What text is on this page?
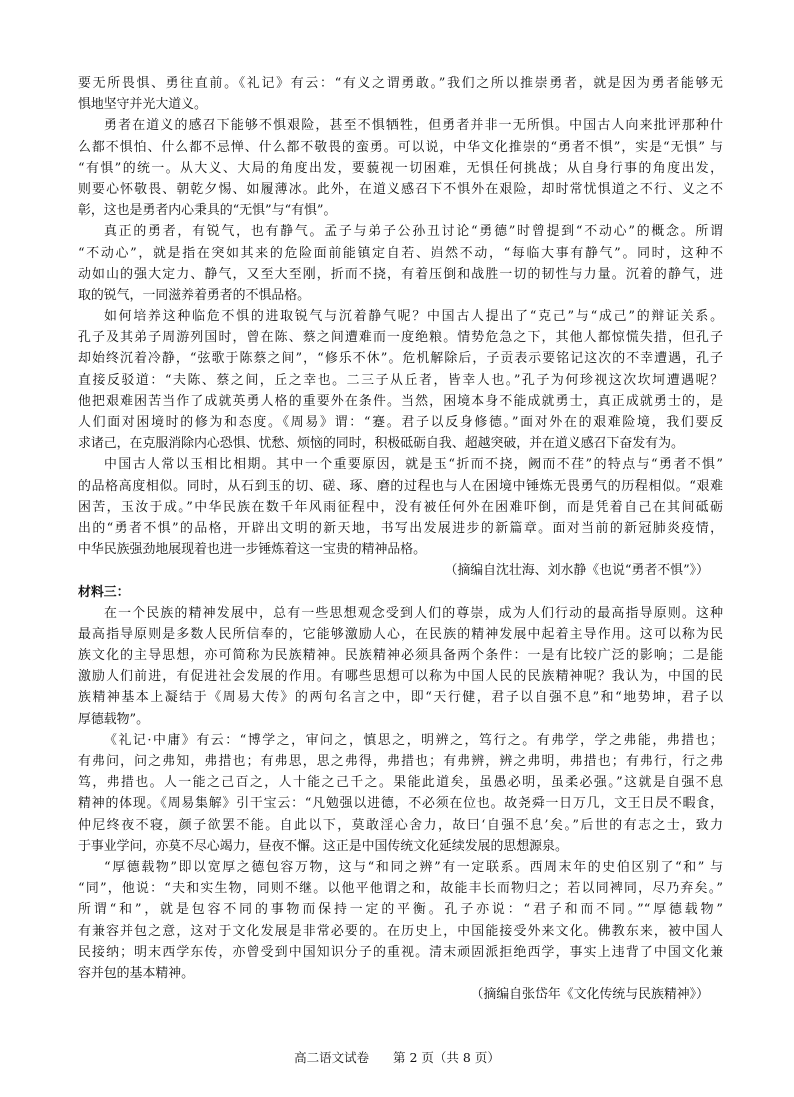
要无所畏惧、勇往直前。《礼记》有云：“有义之谓勇敢。”我们之所以推崇勇者，就是因为勇者能够无
惧地坚守并光大道义。
勇者在道义的感召下能够不惧艰险，甚至不惧牺牲，但勇者并非一无所惧。中国古人向来批评那种什
么都不惧怕、什么都不忌惮、什么都不敬畏的蛮勇。可以说，中华文化推崇的“勇者不惧”，实是“无惧” 与
“有惧”的统一。从大义、大局的角度出发，要藐视一切困难，无惧任何挑战；从自身行事的角度出发，
则要心怀敬畏、朝乾夕惕、如履薄冰。此外，在道义感召下不惧外在艰险，却时常忧惧道之不行、义之不
彰，这也是勇者内心秉具的“无惧”与“有惧”。
真正的勇者，有锐气，也有静气。孟子与弟子公孙丑讨论“勇德”时曾提到“不动心”的概念。所谓
“不动心”，就是指在突如其来的危险面前能镇定自若、岿然不动，“每临大事有静气”。同时，这种不
动如山的强大定力、静气，又至大至刚，折而不挠，有着压倒和战胜一切的韧性与力量。沉着的静气，进
取的锐气，一同滋养着勇者的不惧品格。
如何培养这种临危不惧的进取锐气与沉着静气呢？中国古人提出了“克己”与“成己”的辩证关系。
孔子及其弟子周游列国时，曾在陈、蔡之间遭难而一度绝粮。情势危急之下，其他人都惊慌失措，但孔子
却始终沉着冷静，“弦歌于陈蔡之间”，“修乐不休”。危机解除后，子贡表示要铭记这次的不幸遭遇，孔子
直接反驳道：“夫陈、蔡之间，丘之幸也。二三子从丘者，皆幸人也。”孔子为何珍视这次坎坷遭遇呢？
他把艰难困苦当作了成就英勇人格的重要外在条件。当然，困境本身不能成就勇士，真正成就勇士的，是
人们面对困境时的修为和态度。《周易》谓：“蹇。君子以反身修德。”面对外在的艰难险境，我们要反
求诸己，在克服消除内心恐惧、忧愁、烦恼的同时，积极砥砺自我、超越突破，并在道义感召下奋发有为。
中国古人常以玉相比相期。其中一个重要原因，就是玉“折而不挠，阙而不荏”的特点与“勇者不惧”
的品格高度相似。同时，从石到玉的切、磋、琢、磨的过程也与人在困境中锤炼无畏勇气的历程相似。“艰难
困苦，玉汝于成。”中华民族在数千年风雨征程中，没有被任何外在困难吓倒，而是凭着自己在其间砥砺
出的“勇者不惧”的品格，开辟出文明的新天地，书写出发展进步的新篇章。面对当前的新冠肺炎疫情，
中华民族强劲地展现着也进一步锤炼着这一宝贵的精神品格。
（摘编自沈壮海、刘水静《也说“勇者不惧”》）
材料三：
在一个民族的精神发展中，总有一些思想观念受到人们的尊崇，成为人们行动的最高指导原则。这种
最高指导原则是多数人民所信奉的，它能够激励人心，在民族的精神发展中起着主导作用。这可以称为民
族文化的主导思想，亦可简称为民族精神。民族精神必须具备两个条件：一是有比较广泛的影响；二是能
激励人们前进，有促进社会发展的作用。有哪些思想可以称为中国人民的民族精神呢？我认为，中国的民
族精神基本上凝结于《周易大传》的两句名言之中，即“天行健，君子以自强不息”和“地势坤，君子以
厚德载物”。
《礼记·中庸》有云：“博学之，审问之，慎思之，明辨之，笃行之。有弗学，学之弗能，弗措也；
有弗问，问之弗知，弗措也；有弗思，思之弗得，弗措也；有弗辨，辨之弗明，弗措也；有弗行，行之弗
笃，弗措也。人一能之己百之，人十能之己千之。果能此道矣，虽愚必明，虽柔必强。”这就是自强不息
精神的体现。《周易集解》引干宝云：“凡勉强以进德，不必须在位也。故尧舜一日万几，文王日昃不暇食，
仲尼终夜不寝，颜子欲罢不能。自此以下，莫敢淫心舍力，故曰‘自强不息’矣。”后世的有志之士，致力
于事业学问，亦莫不尽心竭力，昼夜不懈。这正是中国传统文化延续发展的思想源泉。
“厚德载物”即以宽厚之德包容万物，这与“和同之辨”有一定联系。西周末年的史伯区别了“和” 与
“同”，他说：“夫和实生物，同则不继。以他平他谓之和，故能丰长而物归之；若以同裨同，尽乃弃矣。”
所谓“和”，就是包容不同的事物而保持一定的平衡。孔子亦说：“君子和而不同。”“厚德载物”
有兼容并包之意，这对于文化发展是非常必要的。在历史上，中国能接受外来文化。佛教东来，被中国人
民接纳；明末西学东传，亦曾受到中国知识分子的重视。清末顽固派拒绝西学，事实上违背了中国文化兼
容并包的基本精神。
（摘编自张岱年《文化传统与民族精神》）
高二语文试卷 第 2 页（共 8 页）
